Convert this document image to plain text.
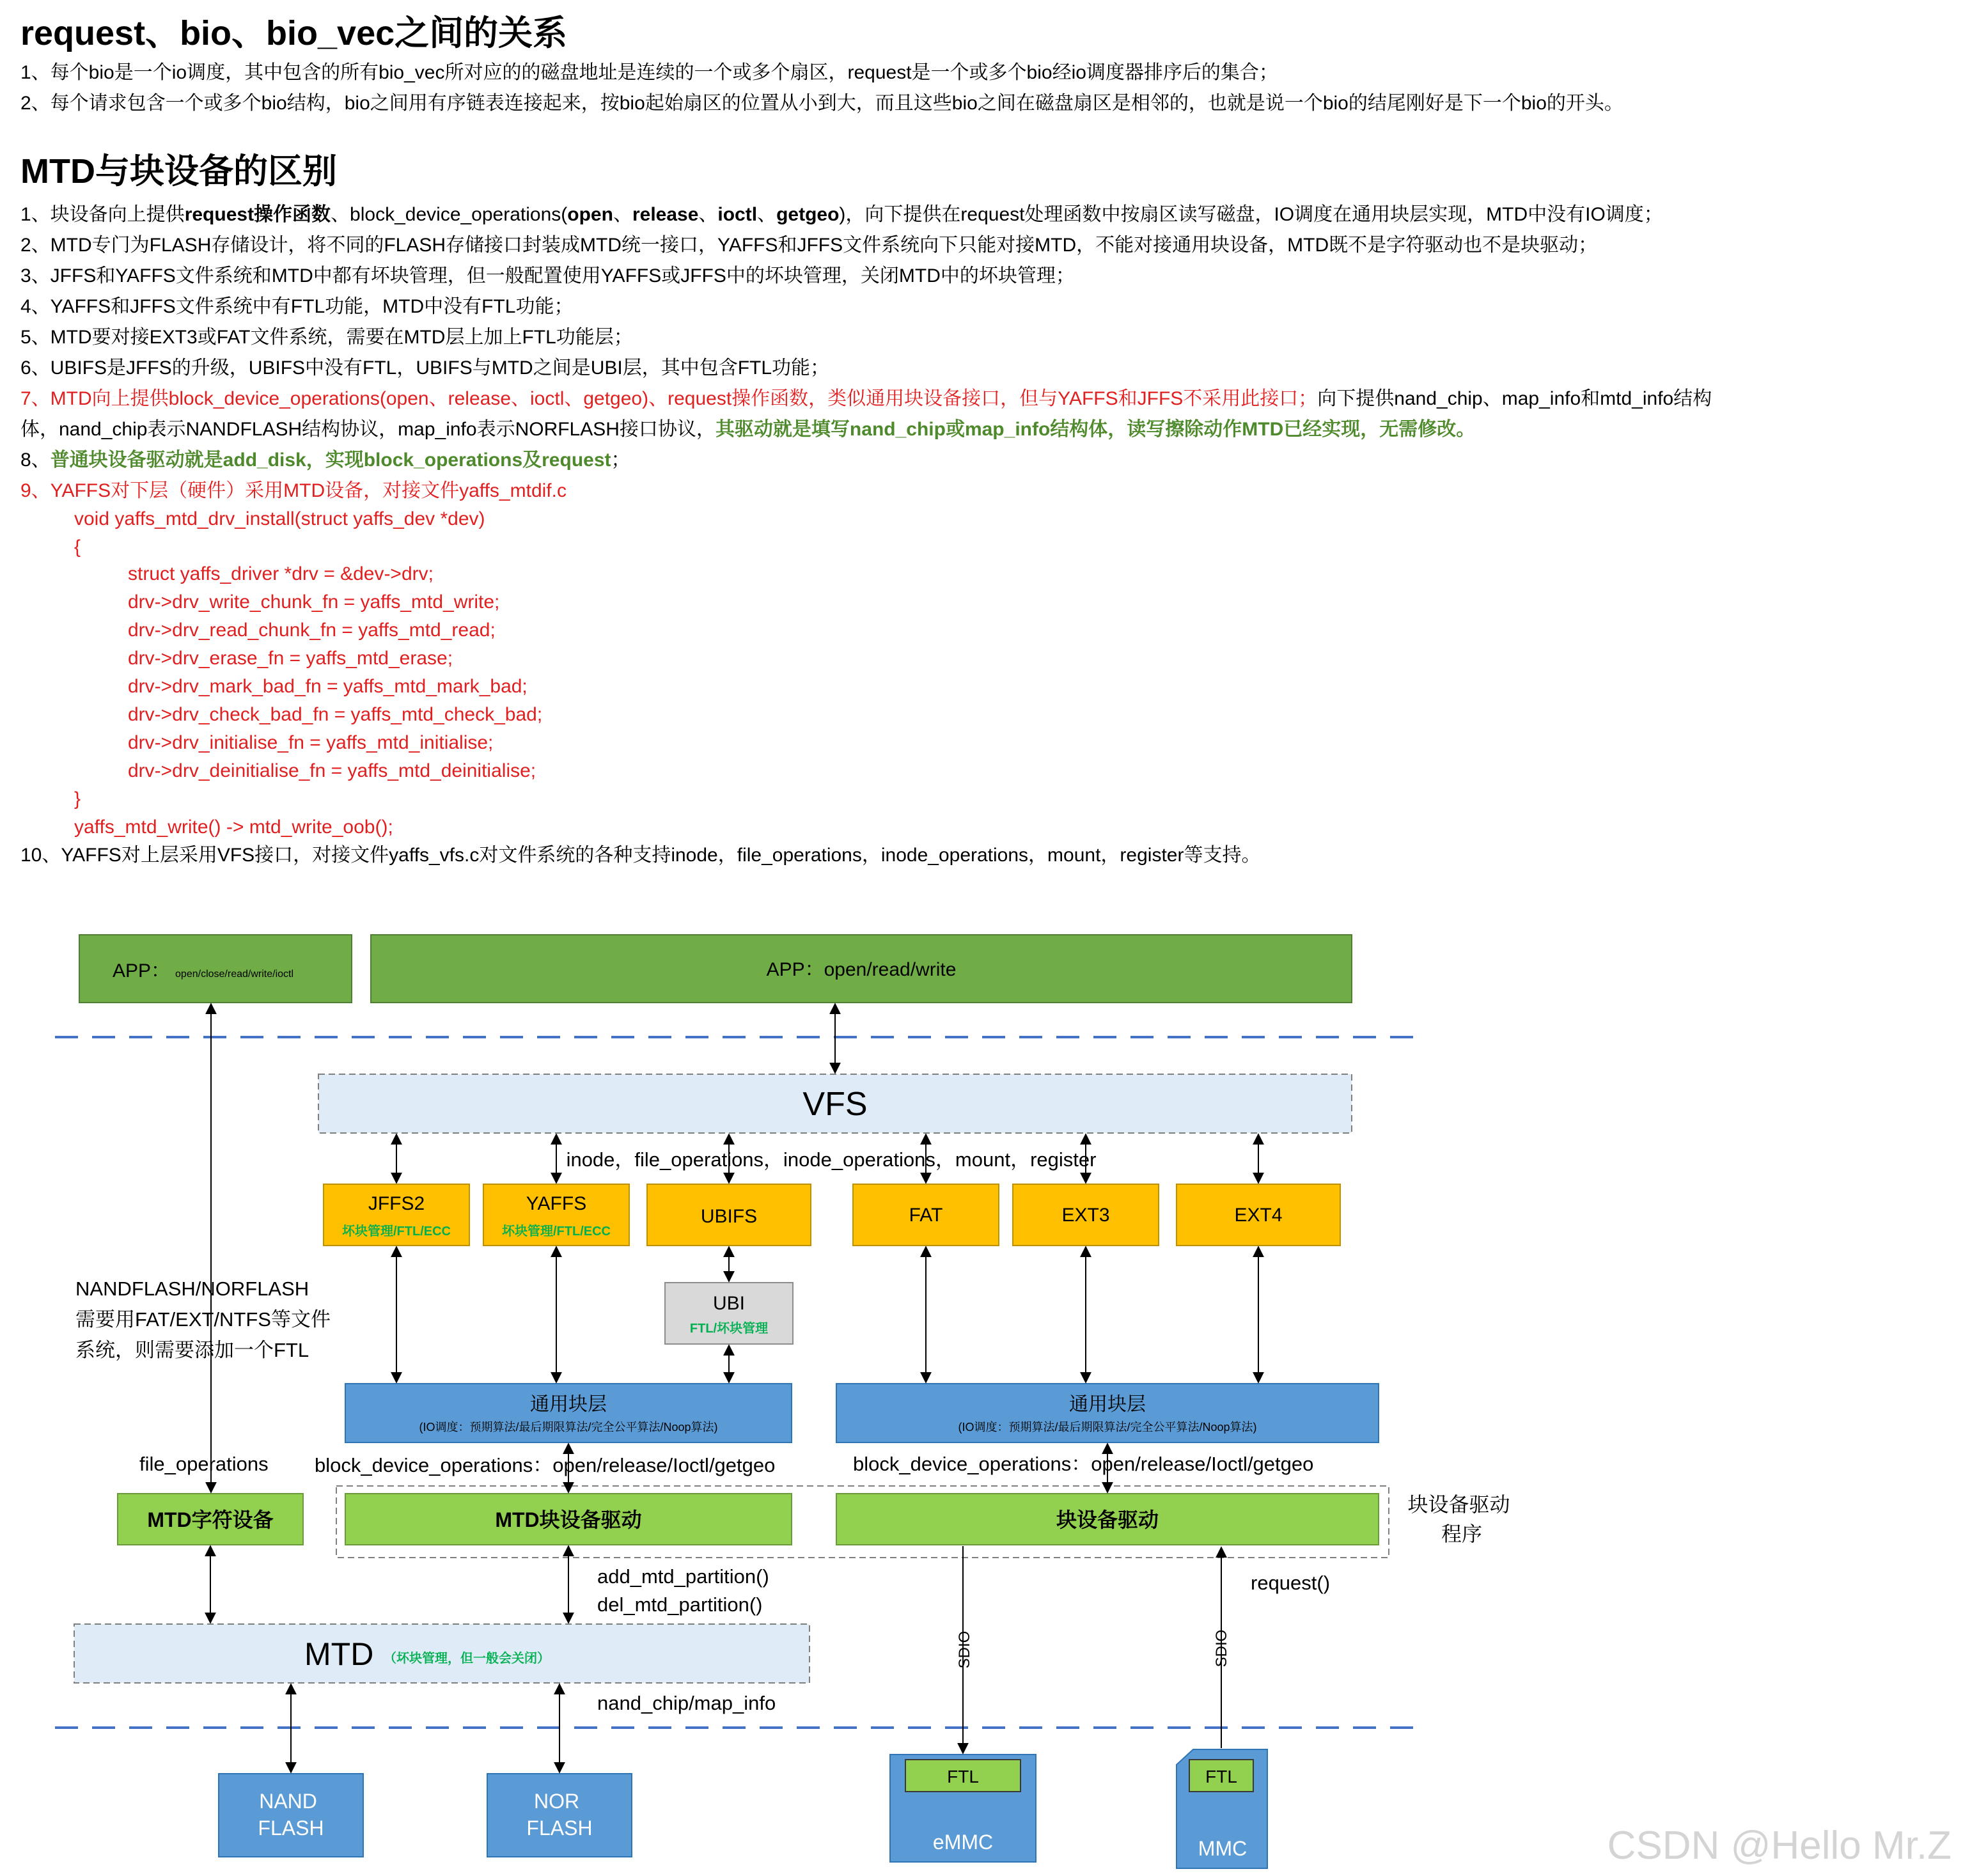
request、bio、bio_vec之间的关系
1、每个bio是一个io调度，其中包含的所有bio_vec所对应的的磁盘地址是连续的一个或多个扇区，request是一个或多个bio经io调度器排序后的集合；
2、每个请求包含一个或多个bio结构，bio之间用有序链表连接起来，按bio起始扇区的位置从小到大，而且这些bio之间在磁盘扇区是相邻的，也就是说一个bio的结尾刚好是下一个bio的开头。
MTD与块设备的区别
1、块设备向上提供request操作函数、block_device_operations(open、release、ioctl、getgeo)，向下提供在request处理函数中按扇区读写磁盘，IO调度在通用块层实现，MTD中没有IO调度；
2、MTD专门为FLASH存储设计，将不同的FLASH存储接口封装成MTD统一接口，YAFFS和JFFS文件系统向下只能对接MTD，不能对接通用块设备，MTD既不是字符驱动也不是块驱动；
3、JFFS和YAFFS文件系统和MTD中都有坏块管理，但一般配置使用YAFFS或JFFS中的坏块管理，关闭MTD中的坏块管理；
4、YAFFS和JFFS文件系统中有FTL功能，MTD中没有FTL功能；
5、MTD要对接EXT3或FAT文件系统，需要在MTD层上加上FTL功能层；
6、UBIFS是JFFS的升级，UBIFS中没有FTL，UBIFS与MTD之间是UBI层，其中包含FTL功能；
7、MTD向上提供block_device_operations(open、release、ioctl、getgeo)、request操作函数，类似通用块设备接口，但与YAFFS和JFFS不采用此接口；向下提供nand_chip、map_info和mtd_info结构
体，nand_chip表示NANDFLASH结构协议，map_info表示NORFLASH接口协议，其驱动就是填写nand_chip或map_info结构体，读写擦除动作MTD已经实现，无需修改。
8、普通块设备驱动就是add_disk，实现block_operations及request；
9、YAFFS对下层（硬件）采用MTD设备，对接文件yaffs_mtdif.c
void yaffs_mtd_drv_install(struct yaffs_dev *dev)
{
struct yaffs_driver *drv = &dev->drv;
drv->drv_write_chunk_fn = yaffs_mtd_write;
drv->drv_read_chunk_fn = yaffs_mtd_read;
drv->drv_erase_fn = yaffs_mtd_erase;
drv->drv_mark_bad_fn = yaffs_mtd_mark_bad;
drv->drv_check_bad_fn = yaffs_mtd_check_bad;
drv->drv_initialise_fn = yaffs_mtd_initialise;
drv->drv_deinitialise_fn = yaffs_mtd_deinitialise;
}
yaffs_mtd_write() -> mtd_write_oob();
10、YAFFS对上层采用VFS接口，对接文件yaffs_vfs.c对文件系统的各种支持inode，file_operations，inode_operations，mount，register等支持。
APP： open/close/read/write/ioctl	APP：open/read/write
VFS
inode，file_operations，inode_operations，mount，register
JFFS2
坏块管理/FTL/ECC
YAFFS
坏块管理/FTL/ECC
UBIFS	FAT	EXT3	EXT4
UBI
FTL/坏块管理
NANDFLASH/NORFLASH 需要用FAT/EXT/NTFS等文件 系统，则需要添加一个FTL
通用块层
(IO调度：预期算法/最后期限算法/完全公平算法/Noop算法)
通用块层
(IO调度：预期算法/最后期限算法/完全公平算法/Noop算法)
file_operations block_device_operations：open/release/Ioctl/getgeo	block_device_operations：open/release/Ioctl/getgeo
块设备驱动 程序
MTD字符设备	MTD块设备驱动	块设备驱动
add_mtd_partition()
del_mtd_partition()
request()
MTD （坏块管理，但一般会关闭）
nand_chip/map_info
SDIO	SDIO
NAND FLASH
NOR FLASH
FTL
eMMC
FTL
MMC	CSDN @Hello Mr.Z
